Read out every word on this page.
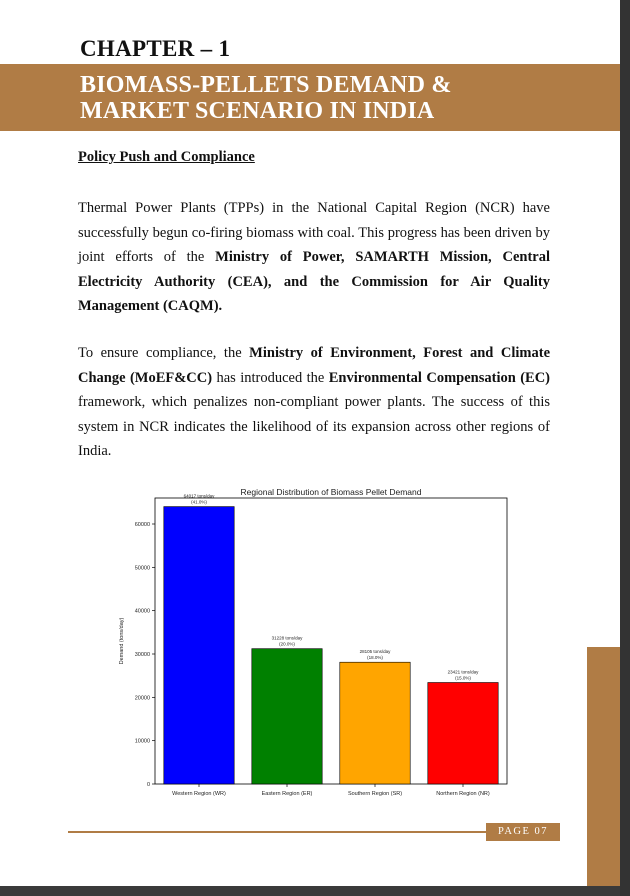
CHAPTER – 1
BIOMASS-PELLETS DEMAND &
MARKET SCENARIO IN INDIA
Policy Push and Compliance

Thermal Power Plants (TPPs) in the National Capital Region (NCR) have successfully begun co-firing biomass with coal. This progress has been driven by joint efforts of the Ministry of Power, SAMARTH Mission, Central Electricity Authority (CEA), and the Commission for Air Quality Management (CAQM).

To ensure compliance, the Ministry of Environment, Forest and Climate Change (MoEF&CC) has introduced the Environmental Compensation (EC) framework, which penalizes non-compliant power plants. The success of this system in NCR indicates the likelihood of its expansion across other regions of India.

Regional Distribution of Biomass Pellet Demand
0
10000
20000
30000
40000
50000
60000
Demand (tons/day)
Western Region (WR)
64017 tons/day
(41.0%)
Eastern Region (ER)
31228 tons/day
(20.0%)
Southern Region (SR)
28105 tons/day
(18.0%)
Northern Region (NR)
23421 tons/day
(15.0%)
PAGE 07
